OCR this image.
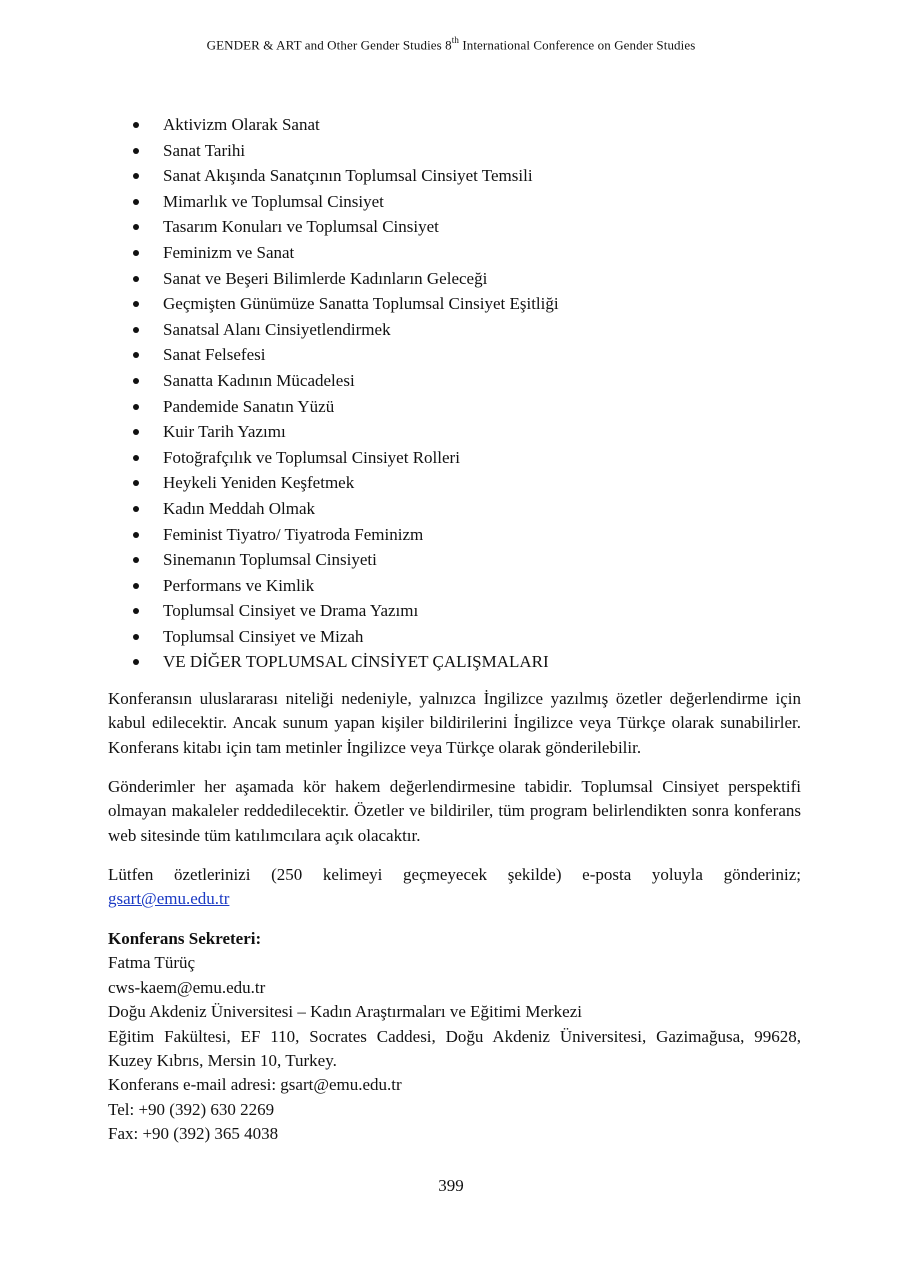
GENDER & ART and Other Gender Studies 8th International Conference on Gender Studies
Aktivizm Olarak Sanat
Sanat Tarihi
Sanat Akışında Sanatçının Toplumsal Cinsiyet Temsili
Mimarlık ve Toplumsal Cinsiyet
Tasarım Konuları ve Toplumsal Cinsiyet
Feminizm ve Sanat
Sanat ve Beşeri Bilimlerde Kadınların Geleceği
Geçmişten Günümüze Sanatta Toplumsal Cinsiyet Eşitliği
Sanatsal Alanı Cinsiyetlendirmek
Sanat Felsefesi
Sanatta Kadının Mücadelesi
Pandemide Sanatın Yüzü
Kuir Tarih Yazımı
Fotoğrafçılık ve Toplumsal Cinsiyet Rolleri
Heykeli Yeniden Keşfetmek
Kadın Meddah Olmak
Feminist Tiyatro/ Tiyatroda Feminizm
Sinemanın Toplumsal Cinsiyeti
Performans ve Kimlik
Toplumsal Cinsiyet ve Drama Yazımı
Toplumsal Cinsiyet ve Mizah
VE DİĞER TOPLUMSAL CİNSİYET ÇALIŞMALARI

Konferansın uluslararası niteliği nedeniyle, yalnızca İngilizce yazılmış özetler değerlendirme için kabul edilecektir. Ancak sunum yapan kişiler bildirilerini İngilizce veya Türkçe olarak sunabilirler. Konferans kitabı için tam metinler İngilizce veya Türkçe olarak gönderilebilir.

Gönderimler her aşamada kör hakem değerlendirmesine tabidir. Toplumsal Cinsiyet perspektifi olmayan makaleler reddedilecektir. Özetler ve bildiriler, tüm program belirlendikten sonra konferans web sitesinde tüm katılımcılara açık olacaktır.

Lütfen özetlerinizi (250 kelimeyi geçmeyecek şekilde) e-posta yoluyla gönderiniz;

gsart@emu.edu.tr

Konferans Sekreteri:
Fatma Türüç
cws-kaem@emu.edu.tr
Doğu Akdeniz Üniversitesi – Kadın Araştırmaları ve Eğitimi Merkezi
Eğitim Fakültesi, EF 110, Socrates Caddesi, Doğu Akdeniz Üniversitesi, Gazimağusa, 99628,
Kuzey Kıbrıs, Mersin 10, Turkey.
Konferans e-mail adresi: gsart@emu.edu.tr
Tel: +90 (392) 630 2269
Fax: +90 (392) 365 4038
399
